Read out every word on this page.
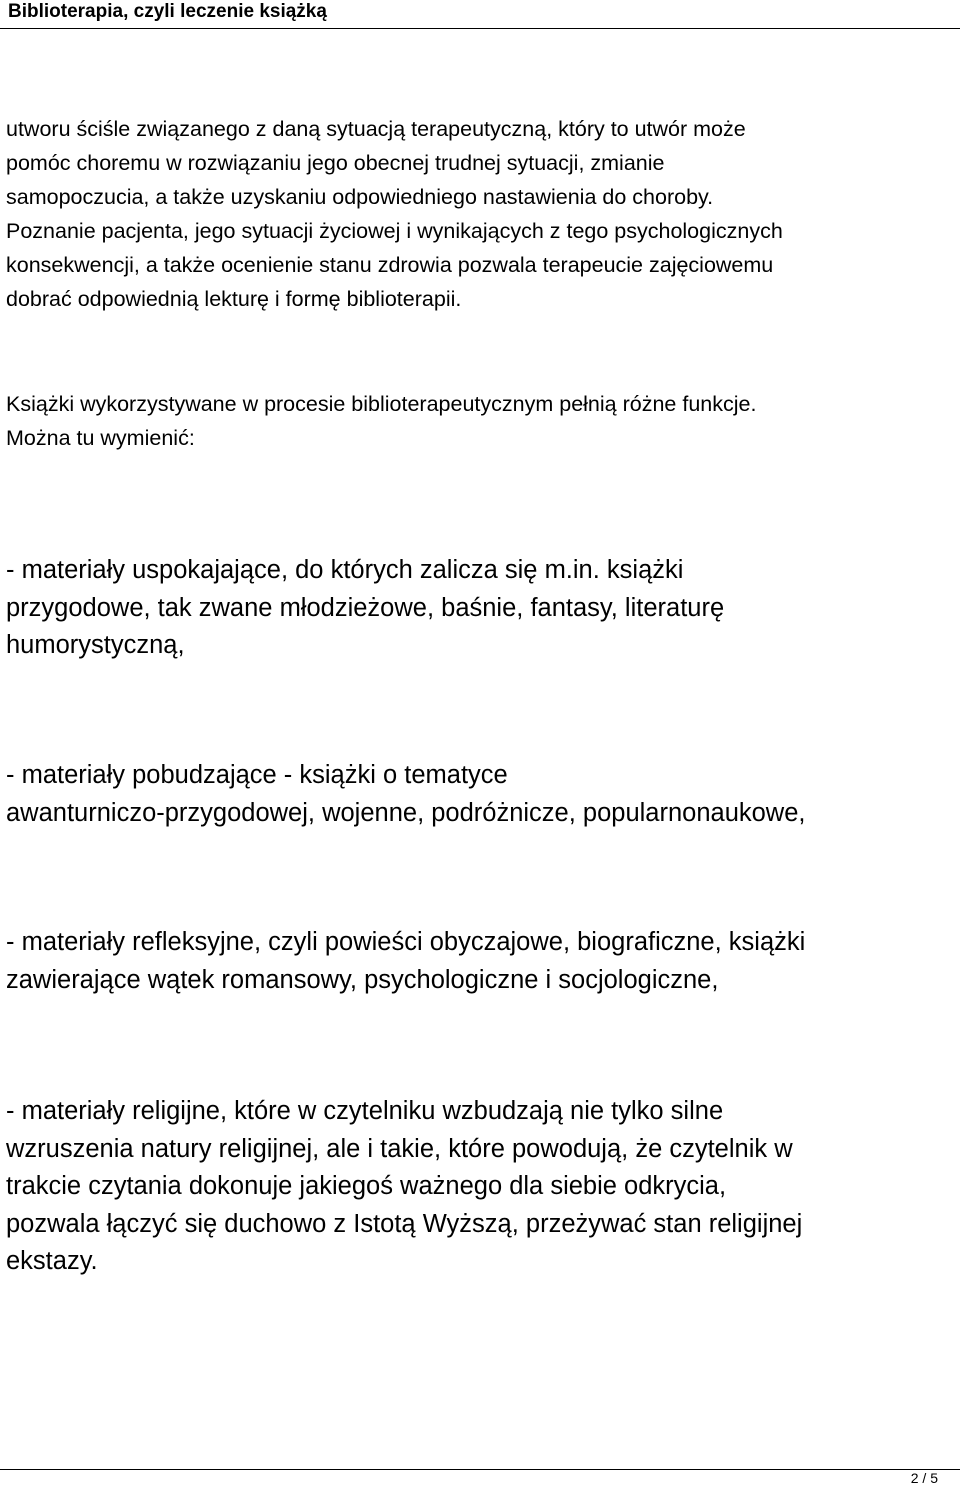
Biblioterapia, czyli leczenie książką
utworu ściśle związanego z daną sytuacją terapeutyczną, który to utwór może
pomóc choremu w rozwiązaniu jego obecnej trudnej sytuacji, zmianie
samopoczucia, a także uzyskaniu odpowiedniego nastawienia do choroby.
Poznanie pacjenta, jego sytuacji życiowej i wynikających z tego psychologicznych
konsekwencji, a także ocenienie stanu zdrowia pozwala terapeucie zajęciowemu
dobrać odpowiednią lekturę i formę biblioterapii.
Książki wykorzystywane w procesie biblioterapeutycznym pełnią różne funkcje.
Można tu wymienić:
- materiały uspokajające, do których zalicza się m.in. książki
przygodowe, tak zwane młodzieżowe, baśnie, fantasy, literaturę
humorystyczną,
- materiały pobudzające - książki o tematyce
awanturniczo-przygodowej, wojenne, podróżnicze, popularnonaukowe,
- materiały refleksyjne, czyli powieści obyczajowe, biograficzne, książki
zawierające wątek romansowy, psychologiczne i socjologiczne,
- materiały religijne, które w czytelniku wzbudzają nie tylko silne
wzruszenia natury religijnej, ale i takie, które powodują, że czytelnik w
trakcie czytania dokonuje jakiegoś ważnego dla siebie odkrycia,
pozwala łączyć się duchowo z Istotą Wyższą, przeżywać stan religijnej
ekstazy.
2 / 5
